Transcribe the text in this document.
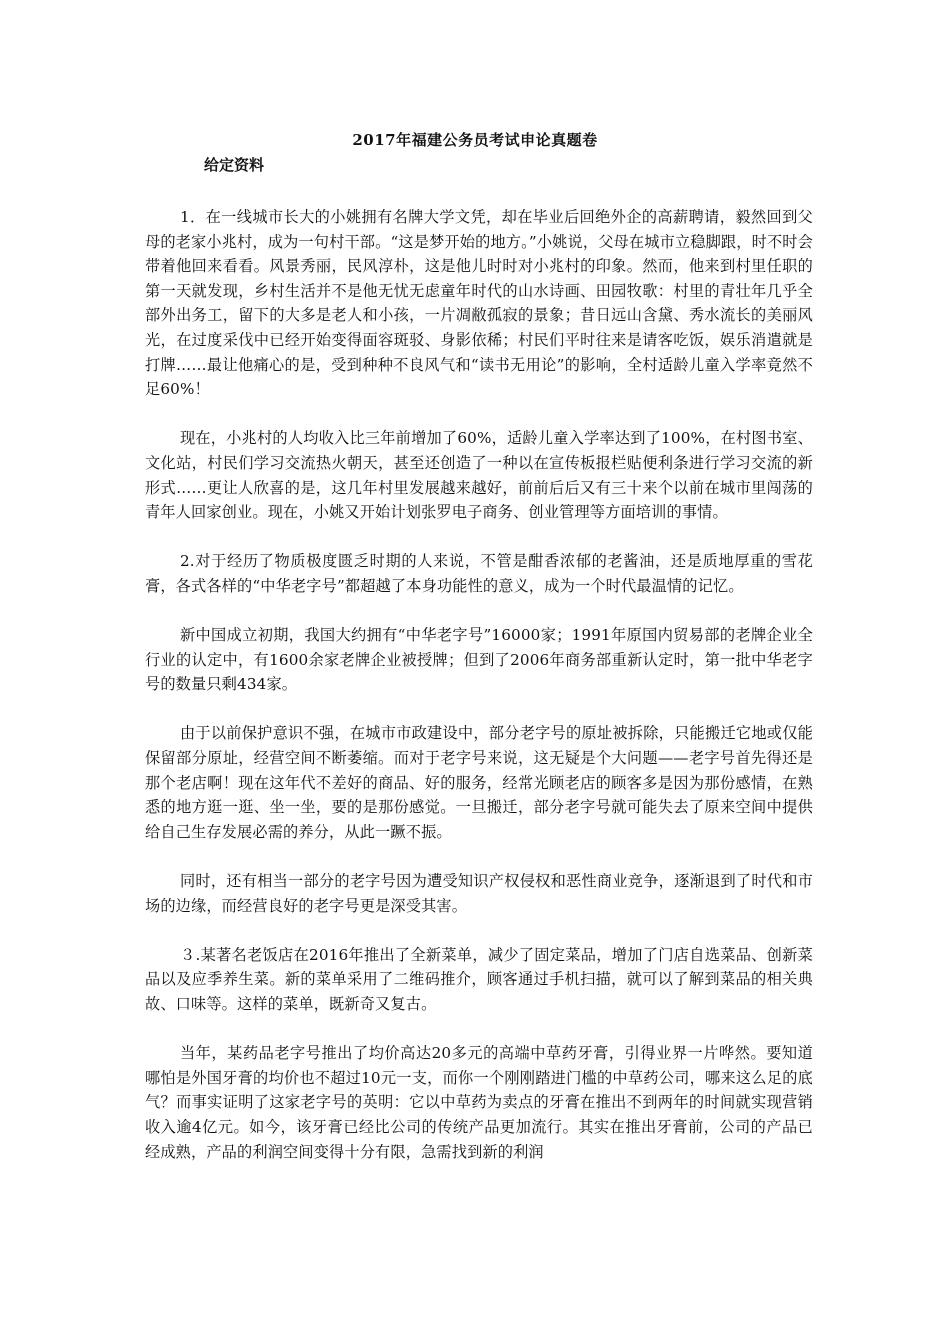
2017年福建公务员考试申论真题卷
给定资料

1．在一线城市长大的小姚拥有名牌大学文凭，却在毕业后回绝外企的高薪聘请，毅然回到父母的老家小兆村，成为一句村干部。“这是梦开始的地方。”小姚说，父母在城市立稳脚跟，时不时会带着他回来看看。风景秀丽，民风淳朴，这是他儿时时对小兆村的印象。然而，他来到村里任职的第一天就发现，乡村生活并不是他无忧无虑童年时代的山水诗画、田园牧歌：村里的青壮年几乎全部外出务工，留下的大多是老人和小孩，一片凋敝孤寂的景象；昔日远山含黛、秀水流长的美丽风光，在过度采伐中已经开始变得面容斑驳、身影依稀；村民们平时往来是请客吃饭，娱乐消遣就是打牌……最让他痛心的是，受到种种不良风气和“读书无用论”的影响，全村适龄儿童入学率竟然不足60%！

现在，小兆村的人均收入比三年前增加了60%，适龄儿童入学率达到了100%，在村图书室、文化站，村民们学习交流热火朝天，甚至还创造了一种以在宣传板报栏贴便利条进行学习交流的新形式……更让人欣喜的是，这几年村里发展越来越好，前前后后又有三十来个以前在城市里闯荡的青年人回家创业。现在，小姚又开始计划张罗电子商务、创业管理等方面培训的事情。

2.对于经历了物质极度匮乏时期的人来说，不管是酣香浓郁的老酱油，还是质地厚重的雪花膏，各式各样的“中华老字号”都超越了本身功能性的意义，成为一个时代最温情的记忆。

新中国成立初期，我国大约拥有“中华老字号”16000家；1991年原国内贸易部的老牌企业全行业的认定中，有1600余家老牌企业被授牌；但到了2006年商务部重新认定时，第一批中华老字号的数量只剩434家。

由于以前保护意识不强，在城市市政建设中，部分老字号的原址被拆除，只能搬迁它地或仅能保留部分原址，经营空间不断萎缩。而对于老字号来说，这无疑是个大问题——老字号首先得还是那个老店啊！现在这年代不差好的商品、好的服务，经常光顾老店的顾客多是因为那份感情，在熟悉的地方逛一逛、坐一坐，要的是那份感觉。一旦搬迁，部分老字号就可能失去了原来空间中提供给自己生存发展必需的养分，从此一蹶不振。

同时，还有相当一部分的老字号因为遭受知识产权侵权和恶性商业竞争，逐渐退到了时代和市场的边缘，而经营良好的老字号更是深受其害。

３.某著名老饭店在2016年推出了全新菜单，减少了固定菜品，增加了门店自选菜品、创新菜品以及应季养生菜。新的菜单采用了二维码推介，顾客通过手机扫描，就可以了解到菜品的相关典故、口味等。这样的菜单，既新奇又复古。

当年，某药品老字号推出了均价高达20多元的高端中草药牙膏，引得业界一片哗然。要知道哪怕是外国牙膏的均价也不超过10元一支，而你一个刚刚踏进门槛的中草药公司，哪来这么足的底气？而事实证明了这家老字号的英明：它以中草药为卖点的牙膏在推出不到两年的时间就实现营销收入逾4亿元。如今，该牙膏已经比公司的传统产品更加流行。其实在推出牙膏前，公司的产品已经成熟，产品的利润空间变得十分有限，急需找到新的利润
